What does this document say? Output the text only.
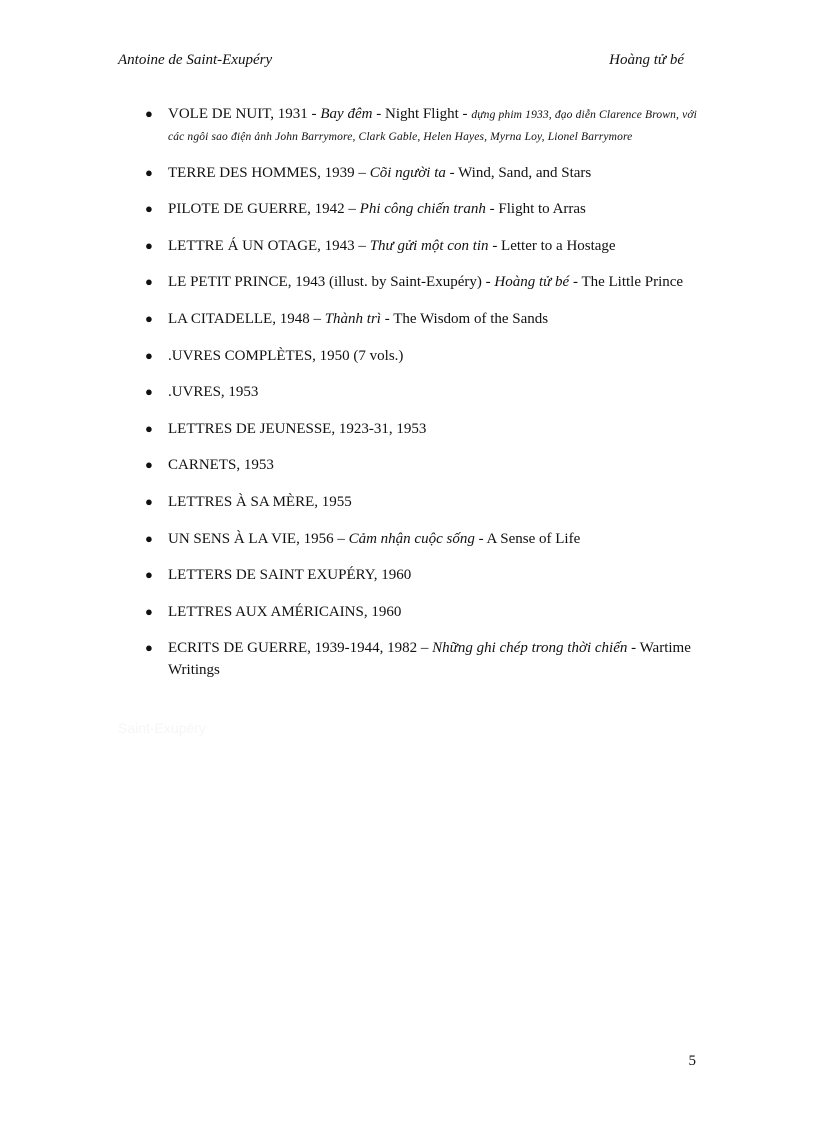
Antoine de Saint-Exupéry	Hoàng tử bé
● VOLE DE NUIT, 1931 - Bay đêm - Night Flight - dựng phim 1933, đạo diễn Clarence Brown, với các ngôi sao điện ảnh John Barrymore, Clark Gable, Helen Hayes, Myrna Loy, Lionel Barrymore
● TERRE DES HOMMES, 1939 – Cõi người ta - Wind, Sand, and Stars
● PILOTE DE GUERRE, 1942 – Phi công chiến tranh - Flight to Arras
● LETTRE Á UN OTAGE, 1943 – Thư gửi một con tin - Letter to a Hostage
● LE PETIT PRINCE, 1943 (illust. by Saint-Exupéry) - Hoàng tử bé - The Little Prince
● LA CITADELLE, 1948 – Thành trì - The Wisdom of the Sands
● .UVRES COMPLÈTES, 1950 (7 vols.)
● .UVRES, 1953
● LETTRES DE JEUNESSE, 1923-31, 1953
● CARNETS, 1953
● LETTRES À SA MÈRE, 1955
● UN SENS À LA VIE, 1956 – Cảm nhận cuộc sống - A Sense of Life
● LETTERS DE SAINT EXUPÉRY, 1960
● LETTRES AUX AMÉRICAINS, 1960
● ECRITS DE GUERRE, 1939-1944, 1982 – Những ghi chép trong thời chiến - Wartime Writings
Saint-Exupéry
5
